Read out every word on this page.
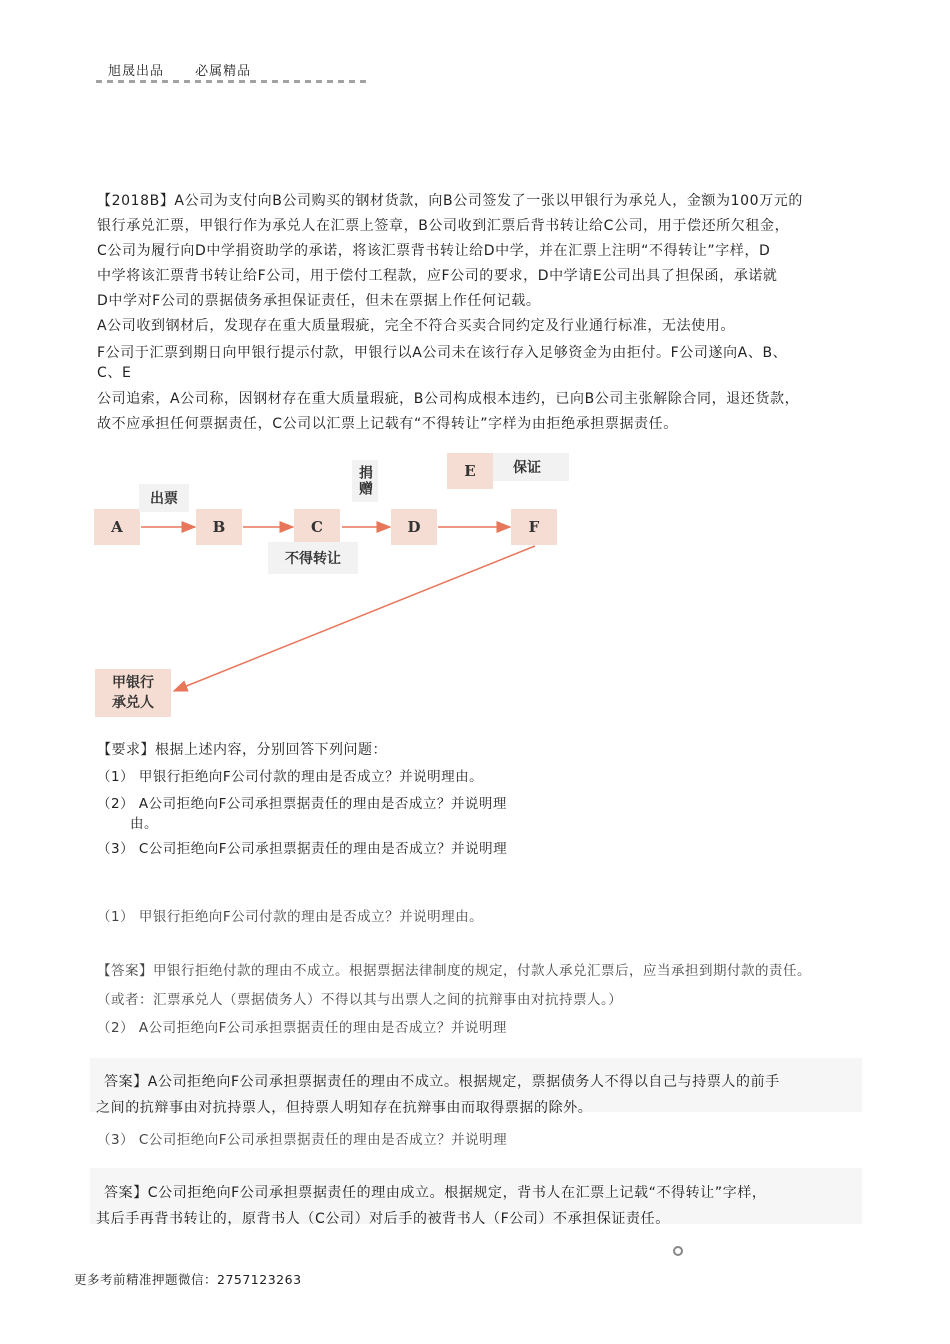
旭晟出品 必属精品
【2018B】A公司为支付向B公司购买的钢材货款，向B公司签发了一张以甲银行为承兑人，金额为100万元的
银行承兑汇票，甲银行作为承兑人在汇票上签章，B公司收到汇票后背书转让给C公司，用于偿还所欠租金，
C公司为履行向D中学捐资助学的承诺，将该汇票背书转让给D中学，并在汇票上注明“不得转让”字样，D
中学将该汇票背书转让给F公司，用于偿付工程款，应F公司的要求，D中学请E公司出具了担保函，承诺就
D中学对F公司的票据债务承担保证责任，但未在票据上作任何记载。
A公司收到钢材后，发现存在重大质量瑕疵，完全不符合买卖合同约定及行业通行标准，无法使用。
F公司于汇票到期日向甲银行提示付款，甲银行以A公司未在该行存入足够资金为由拒付。F公司遂向A、B、
C、E
公司追索，A公司称，因钢材存在重大质量瑕疵，B公司构成根本违约，已向B公司主张解除合同，退还货款，
故不应承担任何票据责任，C公司以汇票上记载有“不得转让”字样为由拒绝承担票据责任。
A	B	C	D	F
E
出票
捐赠
不得转让
保证
甲银行
承兑人
【要求】根据上述内容，分别回答下列问题：
（1） 甲银行拒绝向F公司付款的理由是否成立？并说明理由。
（2） A公司拒绝向F公司承担票据责任的理由是否成立？并说明理
由。
（3） C公司拒绝向F公司承担票据责任的理由是否成立？并说明理
（1） 甲银行拒绝向F公司付款的理由是否成立？并说明理由。
【答案】甲银行拒绝付款的理由不成立。根据票据法律制度的规定，付款人承兑汇票后，应当承担到期付款的责任。
（或者：汇票承兑人（票据债务人）不得以其与出票人之间的抗辩事由对抗持票人。）
（2） A公司拒绝向F公司承担票据责任的理由是否成立？并说明理
答案】A公司拒绝向F公司承担票据责任的理由不成立。根据规定，票据债务人不得以自己与持票人的前手
之间的抗辩事由对抗持票人，但持票人明知存在抗辩事由而取得票据的除外。
（3） C公司拒绝向F公司承担票据责任的理由是否成立？并说明理
答案】C公司拒绝向F公司承担票据责任的理由成立。根据规定，背书人在汇票上记载“不得转让”字样，
其后手再背书转让的，原背书人（C公司）对后手的被背书人（F公司）不承担保证责任。
更多考前精准押题微信：2757123263
